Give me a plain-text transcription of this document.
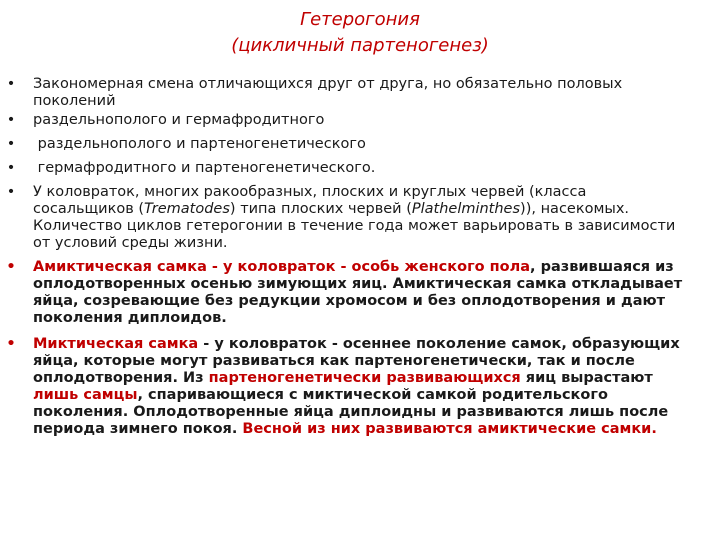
Гетерогония
(цикличный партеногенез)
• Закономерная смена отличающихся друг от друга, но обязательно половых поколений
• раздельнополого и гермафродитного
• раздельнополого и партеногенетического
• гермафродитного и партеногенетического.
• У коловраток, многих ракообразных, плоских и круглых червей (класса сосальщиков (Trematodes) типа плоских червей (Plathelminthes)), насекомых. Количество циклов гетерогонии в течение года может варьировать в зависимости от условий среды жизни.
• Амиктическая самка - у коловраток - особь женского пола, развившаяся из оплодотворенных осенью зимующих яиц. Амиктическая самка откладывает яйца, созревающие без редукции хромосом и без оплодотворения и дают поколения диплоидов.
• Миктическая самка - у коловраток - осеннее поколение самок, образующих яйца, которые могут развиваться как партеногенетически, так и после оплодотворения. Из партеногенетически развивающихся яиц вырастают лишь самцы, спаривающиеся с миктической самкой родительского поколения. Оплодотворенные яйца диплоидны и развиваются лишь после периода зимнего покоя. Весной из них развиваются амиктические самки.
